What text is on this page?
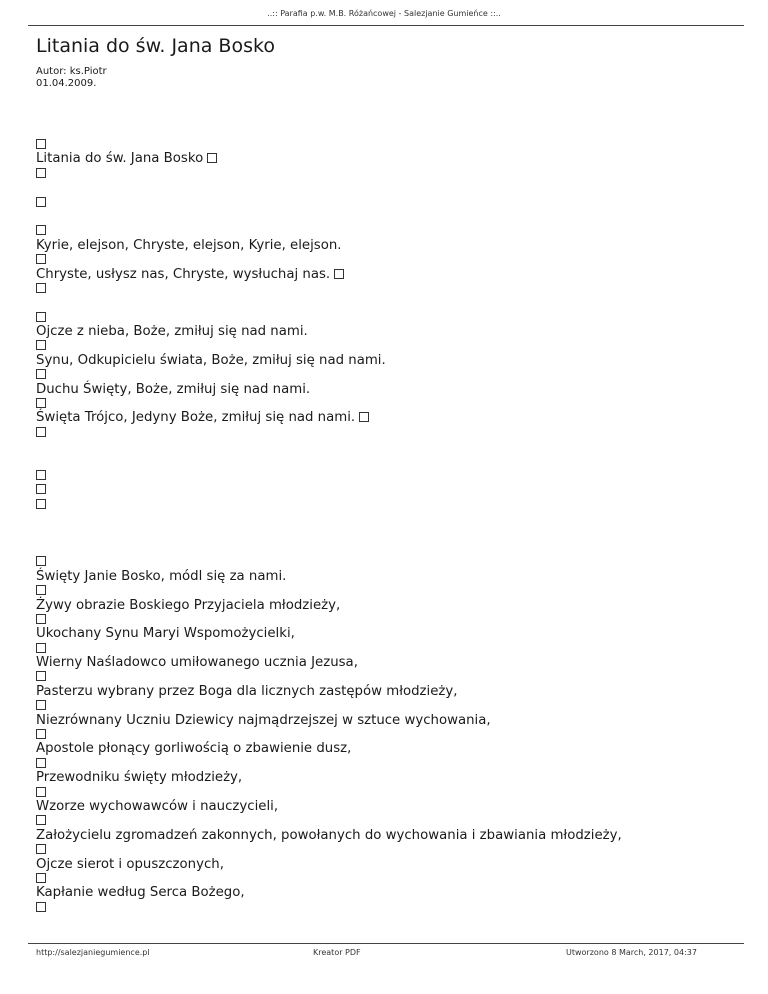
..:: Parafia p.w. M.B. Różańcowej - Salezjanie Gumieńce ::..
Litania do św. Jana Bosko
Autor: ks.Piotr
01.04.2009.
Litania do św. Jana Bosko
Kyrie, elejson, Chryste, elejson, Kyrie, elejson.
Chryste, usłysz nas, Chryste, wysłuchaj nas.
Ojcze z nieba, Boże, zmiłuj się nad nami.
Synu, Odkupicielu świata, Boże, zmiłuj się nad nami.
Duchu Święty, Boże, zmiłuj się nad nami.
Święta Trójco, Jedyny Boże, zmiłuj się nad nami.
Święty Janie Bosko, módl się za nami.
Żywy obrazie Boskiego Przyjaciela młodzieży,
Ukochany Synu Maryi Wspomożycielki,
Wierny Naśladowco umiłowanego ucznia Jezusa,
Pasterzu wybrany przez Boga dla licznych zastępów młodzieży,
Niezrównany Uczniu Dziewicy najmądrzejszej w sztuce wychowania,
Apostole płonący gorliwością o zbawienie dusz,
Przewodniku święty młodzieży,
Wzorze wychowawców i nauczycieli,
Założycielu zgromadzeń zakonnych, powołanych do wychowania i zbawiania młodzieży,
Ojcze sierot i opuszczonych,
Kapłanie według Serca Bożego,
http://salezjaniegumience.pl	Kreator PDF	Utworzono 8 March, 2017, 04:37
